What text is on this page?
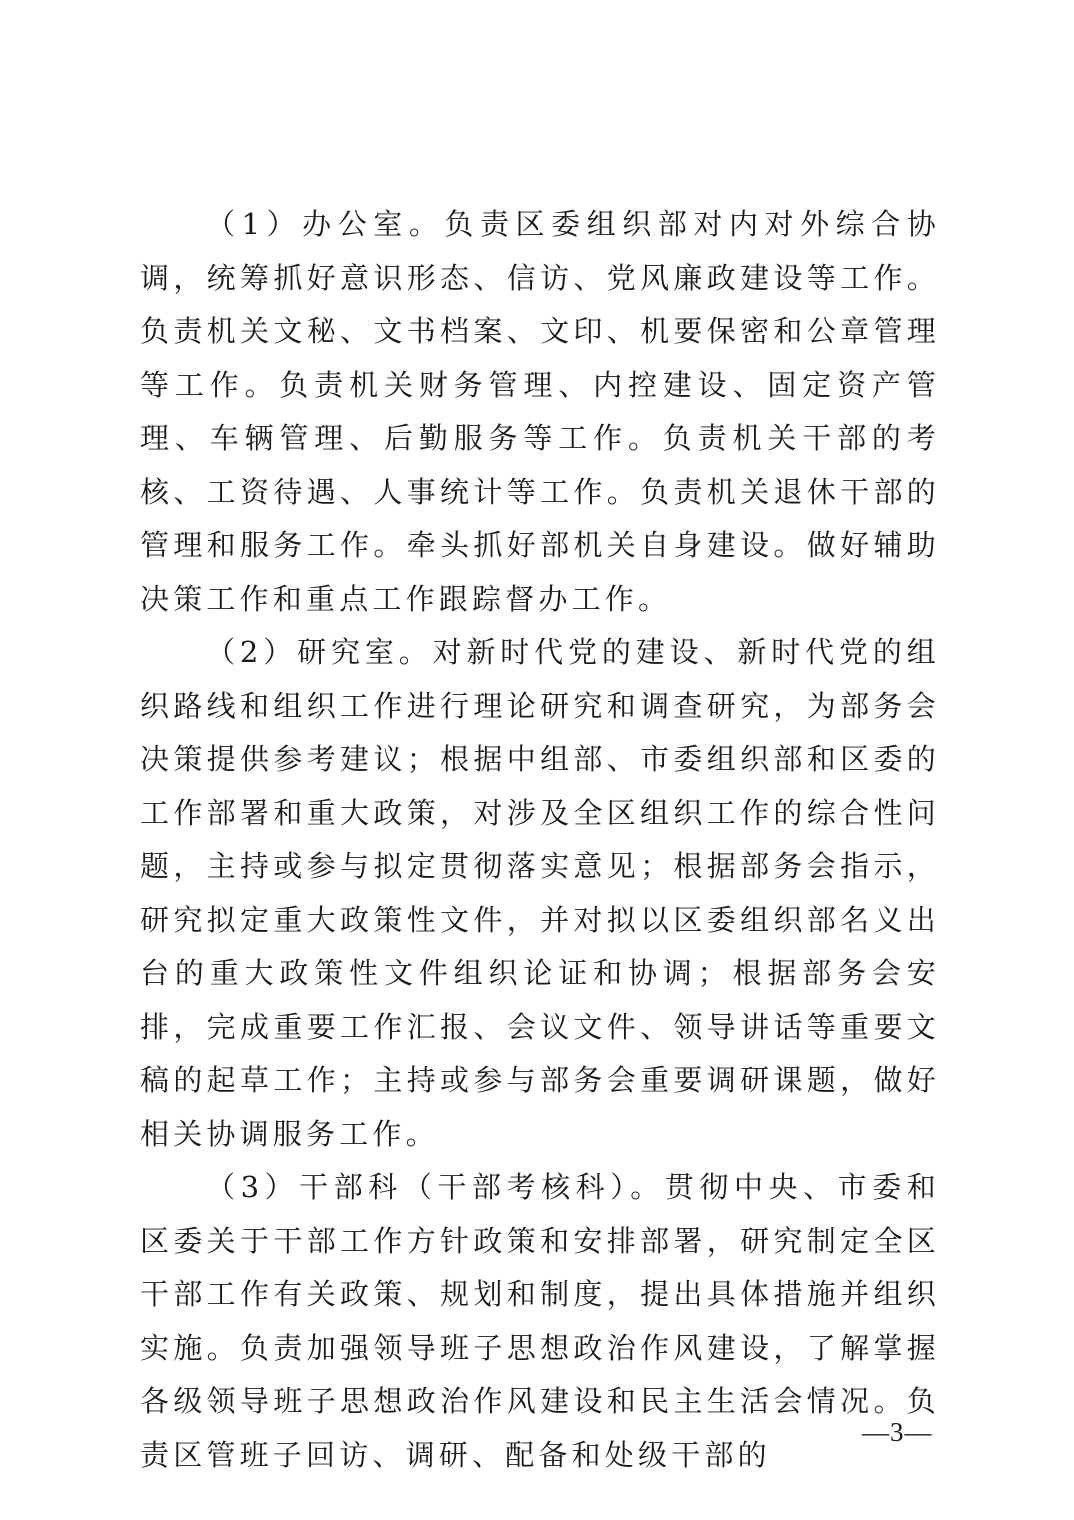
（1）办公室。负责区委组织部对内对外综合协调，统筹抓好意识形态、信访、党风廉政建设等工作。负责机关文秘、文书档案、文印、机要保密和公章管理等工作。负责机关财务管理、内控建设、固定资产管理、车辆管理、后勤服务等工作。负责机关干部的考核、工资待遇、人事统计等工作。负责机关退休干部的管理和服务工作。牵头抓好部机关自身建设。做好辅助决策工作和重点工作跟踪督办工作。

（2）研究室。对新时代党的建设、新时代党的组织路线和组织工作进行理论研究和调查研究，为部务会决策提供参考建议；根据中组部、市委组织部和区委的工作部署和重大政策，对涉及全区组织工作的综合性问题，主持或参与拟定贯彻落实意见；根据部务会指示，研究拟定重大政策性文件，并对拟以区委组织部名义出台的重大政策性文件组织论证和协调；根据部务会安排，完成重要工作汇报、会议文件、领导讲话等重要文稿的起草工作；主持或参与部务会重要调研课题，做好相关协调服务工作。

（3）干部科（干部考核科）。贯彻中央、市委和区委关于干部工作方针政策和安排部署，研究制定全区干部工作有关政策、规划和制度，提出具体措施并组织实施。负责加强领导班子思想政治作风建设，了解掌握各级领导班子思想政治作风建设和民主生活会情况。负责区管班子回访、调研、配备和处级干部的

—3—
